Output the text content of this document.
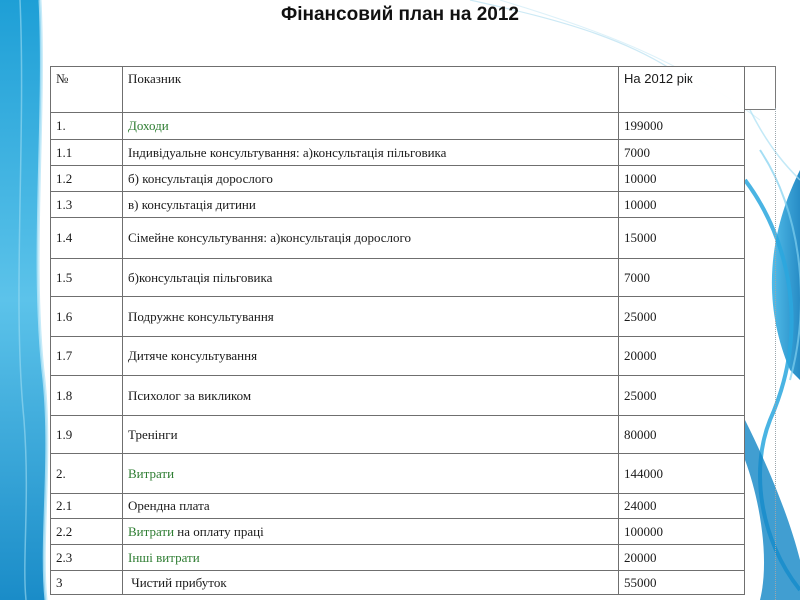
Фінансовий план на 2012
№	Показник	На 2012 рік
1.	Доходи	199000
1.1	Індивідуальне консультування: а)консультація пільговика	7000
1.2	б) консультація дорослого	10000
1.3	в) консультація дитини	10000
1.4	Сімейне консультування: а)консультація дорослого	15000
1.5	б)консультація пільговика	7000
1.6	Подружнє консультування	25000
1.7	Дитяче консультування	20000
1.8	Психолог за викликом	25000
1.9	Тренінги	80000
2.	Витрати	144000
2.1	Орендна плата	24000
2.2	Витрати на оплату праці	100000
2.3	Інші витрати	20000
3	Чистий прибуток	55000
